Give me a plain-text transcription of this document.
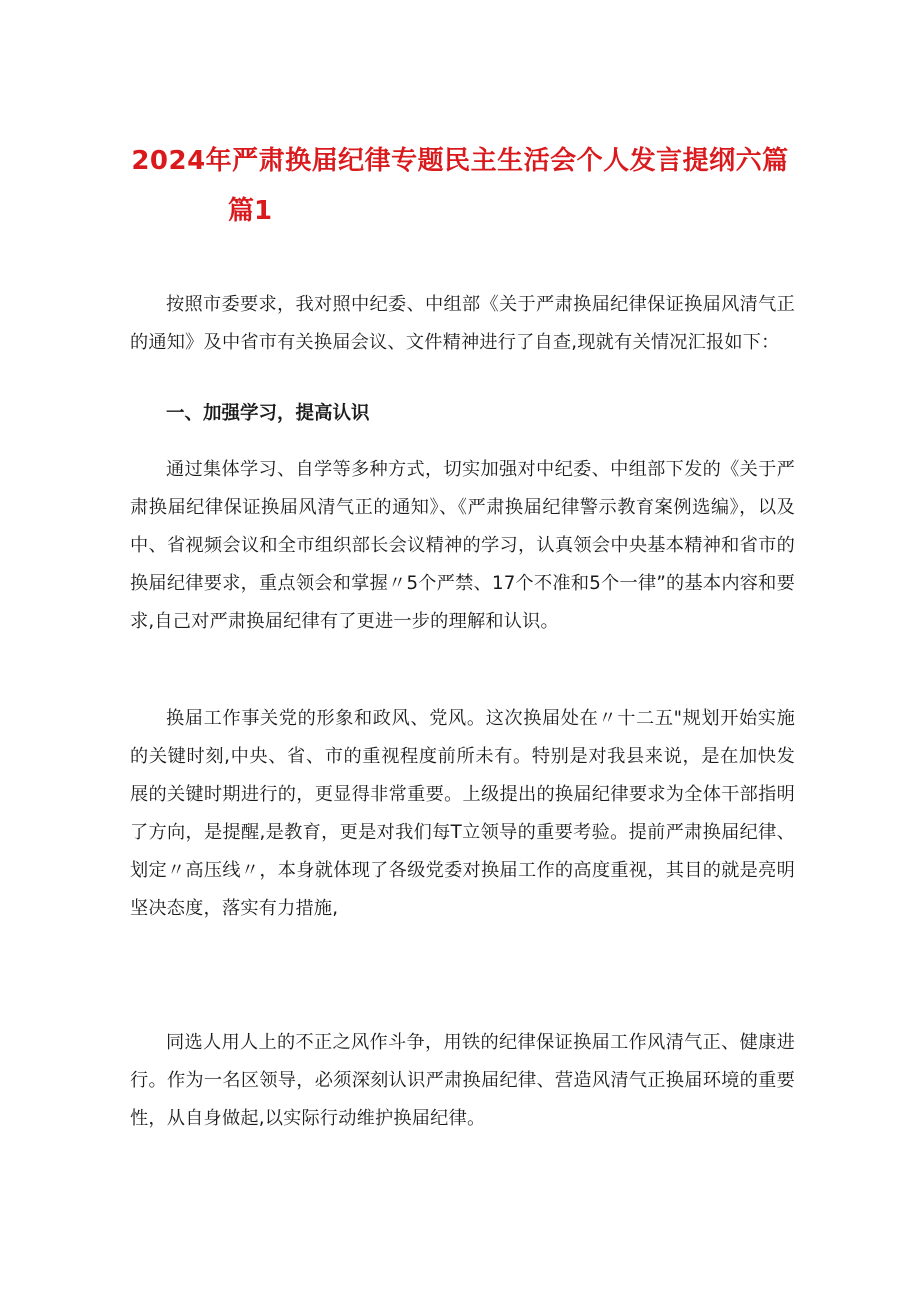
2024年严肃换届纪律专题民主生活会个人发言提纲六篇
篇1

按照市委要求，我对照中纪委、中组部《关于严肃换届纪律保证换届风清气正的通知》及中省市有关换届会议、文件精神进行了自查,现就有关情况汇报如下：

一、加强学习，提高认识

通过集体学习、自学等多种方式，切实加强对中纪委、中组部下发的《关于严肃换届纪律保证换届风清气正的通知》、《严肃换届纪律警示教育案例选编》，以及中、省视频会议和全市组织部长会议精神的学习，认真领会中央基本精神和省市的换届纪律要求，重点领会和掌握〃5个严禁、17个不准和5个一律”的基本内容和要求,自己对严肃换届纪律有了更进一步的理解和认识。

换届工作事关党的形象和政风、党风。这次换届处在〃十二五"规划开始实施的关键时刻,中央、省、市的重视程度前所未有。特别是对我县来说，是在加快发展的关键时期进行的，更显得非常重要。上级提出的换届纪律要求为全体干部指明了方向，是提醒,是教育，更是对我们每T立领导的重要考验。提前严肃换届纪律、划定〃高压线〃，本身就体现了各级党委对换届工作的高度重视，其目的就是亮明坚决态度，落实有力措施,

同选人用人上的不正之风作斗争，用铁的纪律保证换届工作风清气正、健康进行。作为一名区领导，必须深刻认识严肃换届纪律、营造风清气正换届环境的重要性，从自身做起,以实际行动维护换届纪律。
